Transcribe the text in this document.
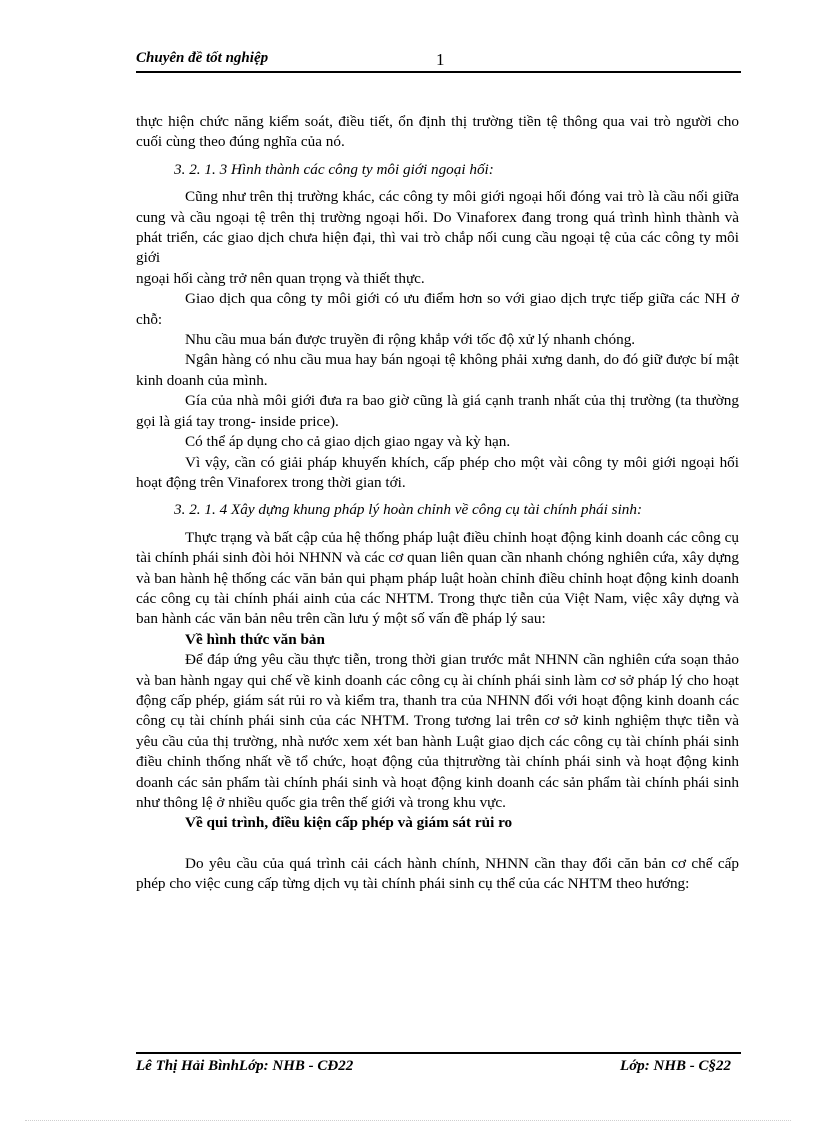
Chuyên đề tốt nghiệp	1

thực hiện chức năng kiểm soát, điều tiết, ổn định thị trường tiền tệ thông qua vai trò người cho cuối cùng theo đúng nghĩa của nó.

3. 2. 1. 3 Hình thành các công ty môi giới ngoại hối:

Cũng như trên thị trường khác, các công ty môi giới ngoại hối đóng vai trò là cầu nối giữa cung và cầu ngoại tệ trên thị trường ngoại hối. Do Vinaforex đang trong quá trình hình thành và phát triển, các giao dịch chưa hiện đại, thì vai trò chắp nối cung cầu ngoại tệ của các công ty môi giới

ngoại hối càng trở nên quan trọng và thiết thực.

Giao dịch qua công ty môi giới có ưu điểm hơn so với giao dịch trực tiếp giữa các NH ở chỗ:

Nhu cầu mua bán được truyền đi rộng khắp với tốc độ xử lý nhanh chóng.

Ngân hàng có nhu cầu mua hay bán ngoại tệ không phải xưng danh, do đó giữ được bí mật kinh doanh của mình.

Gía của nhà môi giới đưa ra bao giờ cũng là giá cạnh tranh nhất của thị trường (ta thường gọi là giá tay trong- inside price).

Có thể áp dụng cho cả giao dịch giao ngay và kỳ hạn.

Vì vậy, cần có giải pháp khuyến khích, cấp phép cho một vài công ty môi giới ngoại hối hoạt động trên Vinaforex trong thời gian tới.

3. 2. 1. 4 Xây dựng khung pháp lý hoàn chỉnh về công cụ tài chính phái sinh:

Thực trạng và bất cập của hệ thống pháp luật điều chỉnh hoạt động kinh doanh các công cụ tài chính phái sinh đòi hỏi NHNN và các cơ quan liên quan cần nhanh chóng nghiên cứa, xây dựng và ban hành hệ thống các văn bản qui phạm pháp luật hoàn chỉnh điều chỉnh hoạt động kinh doanh các công cụ tài chính phái ainh của các NHTM. Trong thực tiễn của Việt Nam, việc xây dựng và ban hành các văn bản nêu trên cần lưu ý một số vấn đề pháp lý sau:

Về hình thức văn bản

Để đáp ứng yêu cầu thực tiễn, trong thời gian trước mắt NHNN cần nghiên cứa soạn thảo và ban hành ngay qui chế về kinh doanh các công cụ ài chính phái sinh làm cơ sở pháp lý cho hoạt động cấp phép, giám sát rủi ro và kiểm tra, thanh tra của NHNN đối với hoạt động kinh doanh các công cụ tài chính phái sinh của các NHTM. Trong tương lai trên cơ sở kinh nghiệm thực tiễn và yêu cầu của thị trường, nhà nước xem xét ban hành Luật giao dịch các công cụ tài chính phái sinh điều chỉnh thống nhất về tổ chức, hoạt động của thịtrường tài chính phái sinh và hoạt động kinh doanh các sản phẩm tài chính phái sinh và hoạt động kinh doanh các sản phẩm tài chính phái sinh như thông lệ ở nhiều quốc gia trên thế giới và trong khu vực.

Về qui trình, điều kiện cấp phép và giám sát rủi ro

Do yêu cầu của quá trình cải cách hành chính, NHNN cần thay đổi căn bản cơ chế cấp phép cho việc cung cấp từng dịch vụ tài chính phái sinh cụ thể của các NHTM theo hướng:

Lê Thị Hải BìnhLớp: NHB - CĐ22	Lớp: NHB - C§22
